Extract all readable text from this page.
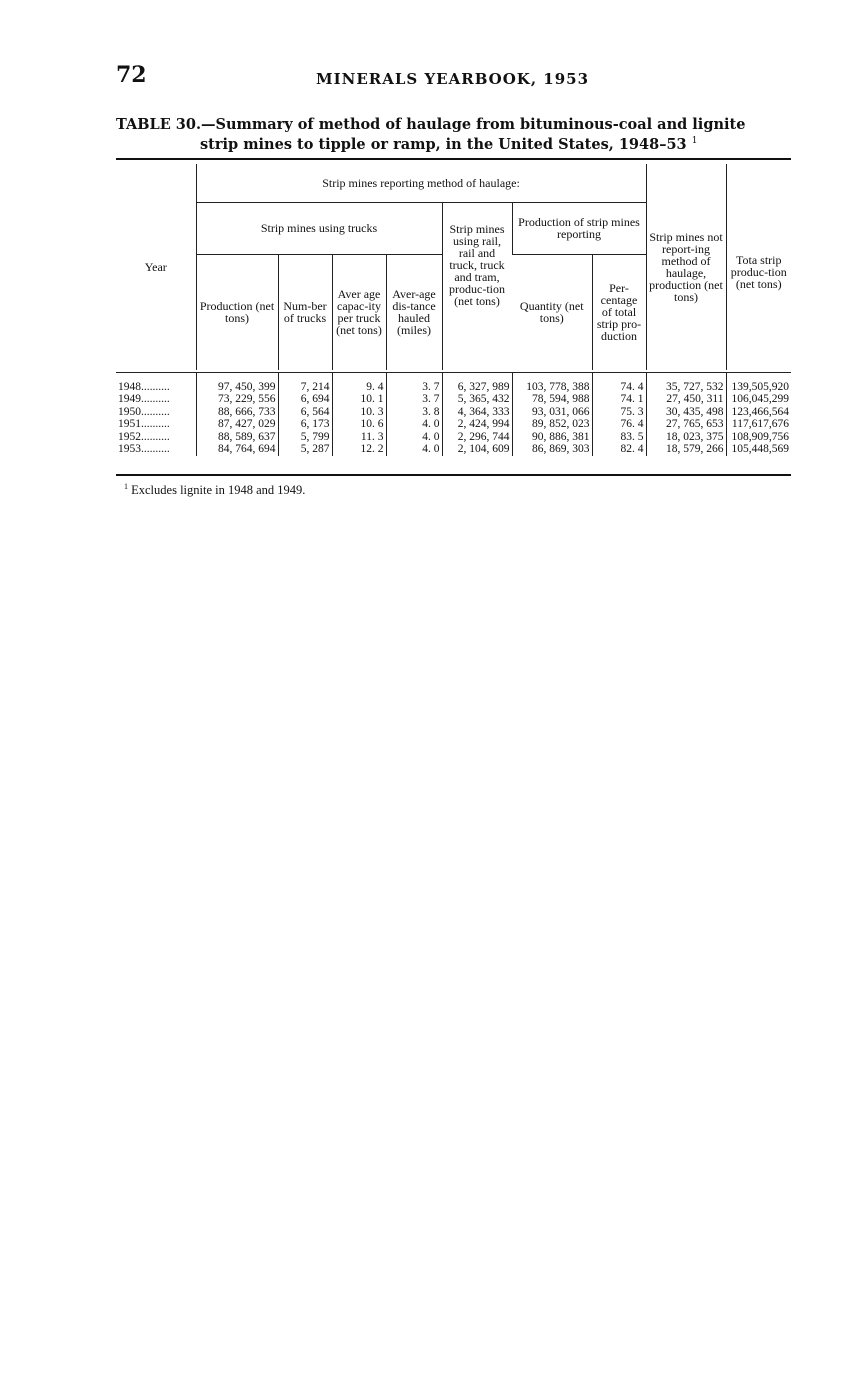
72	MINERALS YEARBOOK, 1953
TABLE 30.—Summary of method of haulage from bituminous-coal and lignite
strip mines to tipple or ramp, in the United States, 1948–53 $^1$
Year	Strip mines reporting method of haulage:							Strip mines not report-ing method of haulage, production (net tons)	Tota strip produc-tion (net tons)
	Strip mines using trucks				Strip mines using rail, rail and truck, truck and tram, produc-tion (net tons)	Production of strip mines reporting			
	Production (net tons)	Num-ber of trucks	Aver age capac-ity per truck (net tons)	Aver-age dis-tance hauled (miles)		Quantity (net tons)	Per-centage of total strip pro-duction		

1948..........	97, 450, 399	7, 214	9. 4	3. 7	6, 327, 989	103, 778, 388	74. 4	35, 727, 532	139,505,920
1949..........	73, 229, 556	6, 694	10. 1	3. 7	5, 365, 432	78, 594, 988	74. 1	27, 450, 311	106,045,299
1950..........	88, 666, 733	6, 564	10. 3	3. 8	4, 364, 333	93, 031, 066	75. 3	30, 435, 498	123,466,564
1951..........	87, 427, 029	6, 173	10. 6	4. 0	2, 424, 994	89, 852, 023	76. 4	27, 765, 653	117,617,676
1952..........	88, 589, 637	5, 799	11. 3	4. 0	2, 296, 744	90, 886, 381	83. 5	18, 023, 375	108,909,756
1953..........	84, 764, 694	5, 287	12. 2	4. 0	2, 104, 609	86, 869, 303	82. 4	18, 579, 266	105,448,569
$^1$ Excludes lignite in 1948 and 1949.
